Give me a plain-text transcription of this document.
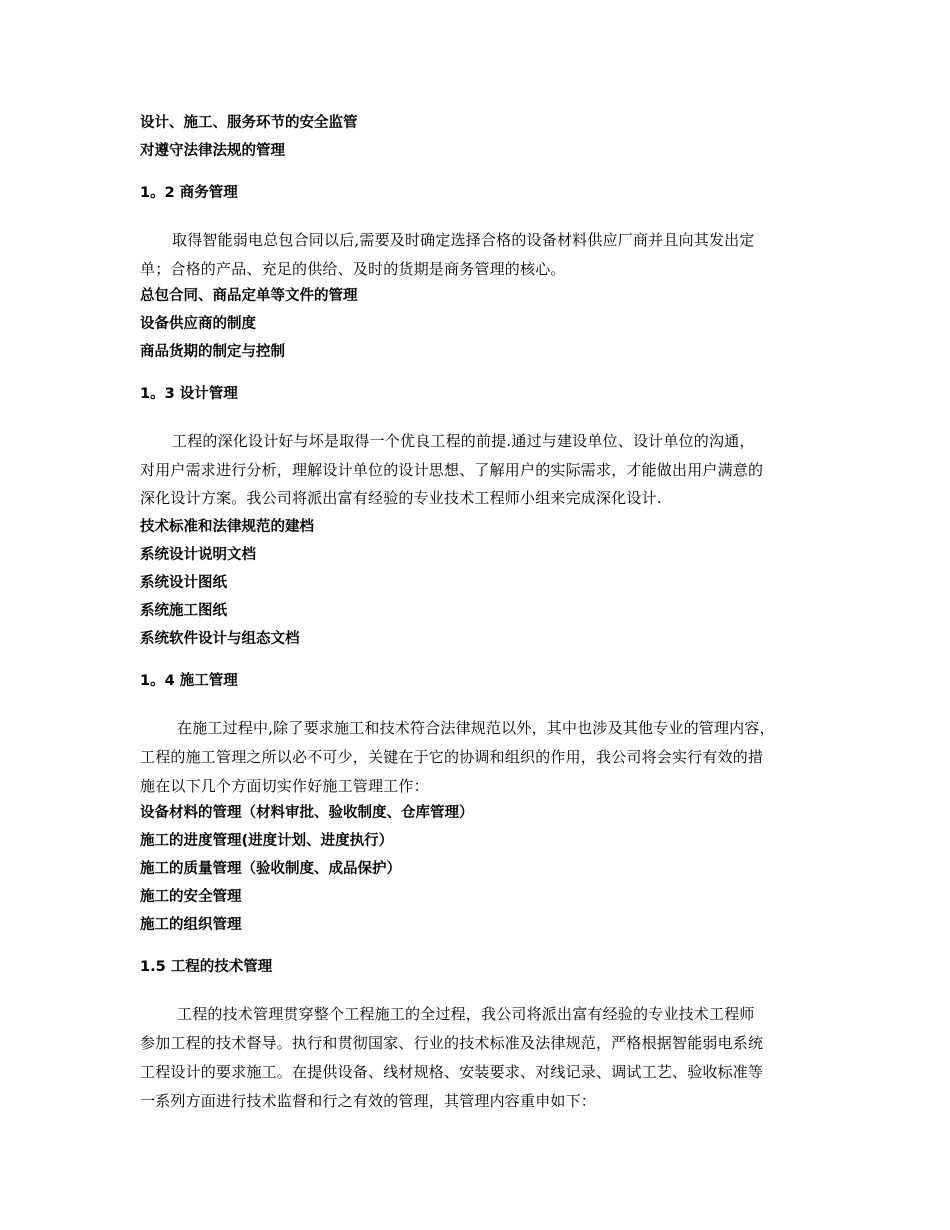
设计、施工、服务环节的安全监管
对遵守法律法规的管理
1。2 商务管理
取得智能弱电总包合同以后,需要及时确定选择合格的设备材料供应厂商并且向其发出定
单；合格的产品、充足的供给、及时的货期是商务管理的核心。
总包合同、商品定单等文件的管理
设备供应商的制度
商品货期的制定与控制
1。3 设计管理
工程的深化设计好与坏是取得一个优良工程的前提.通过与建设单位、设计单位的沟通，
对用户需求进行分析，理解设计单位的设计思想、了解用户的实际需求，才能做出用户满意的
深化设计方案。我公司将派出富有经验的专业技术工程师小组来完成深化设计.
技术标准和法律规范的建档
系统设计说明文档
系统设计图纸
系统施工图纸
系统软件设计与组态文档
1。4 施工管理
在施工过程中,除了要求施工和技术符合法律规范以外，其中也涉及其他专业的管理内容，
工程的施工管理之所以必不可少，关键在于它的协调和组织的作用，我公司将会实行有效的措
施在以下几个方面切实作好施工管理工作：
设备材料的管理（材料审批、验收制度、仓库管理）
施工的进度管理(进度计划、进度执行）
施工的质量管理（验收制度、成品保护）
施工的安全管理
施工的组织管理
1.5 工程的技术管理
工程的技术管理贯穿整个工程施工的全过程，我公司将派出富有经验的专业技术工程师
参加工程的技术督导。执行和贯彻国家、行业的技术标准及法律规范，严格根据智能弱电系统
工程设计的要求施工。在提供设备、线材规格、安装要求、对线记录、调试工艺、验收标准等
一系列方面进行技术监督和行之有效的管理，其管理内容重申如下：
